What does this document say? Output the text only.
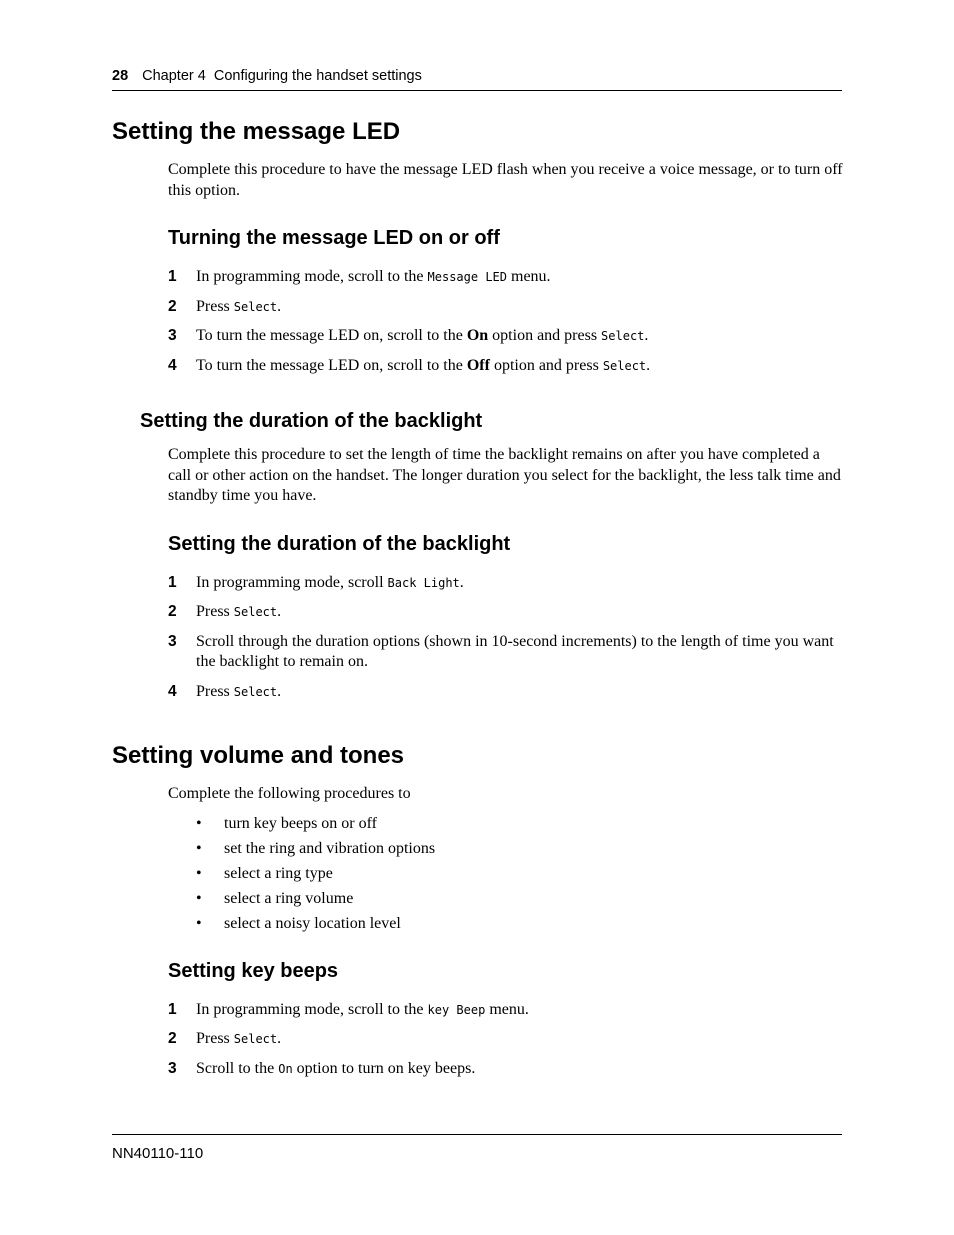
28 Chapter 4  Configuring the handset settings
Setting the message LED

Complete this procedure to have the message LED flash when you receive a voice message, or to turn off this option.

Turning the message LED on or off
1 In programming mode, scroll to the Message LED menu.
2 Press Select.
3 To turn the message LED on, scroll to the On option and press Select.
4 To turn the message LED on, scroll to the Off option and press Select.
Setting the duration of the backlight

Complete this procedure to set the length of time the backlight remains on after you have completed a call or other action on the handset. The longer duration you select for the backlight, the less talk time and standby time you have.

Setting the duration of the backlight
1 In programming mode, scroll Back Light.
2 Press Select.
3 Scroll through the duration options (shown in 10-second increments) to the length of time you want the backlight to remain on.
4 Press Select.
Setting volume and tones

Complete the following procedures to

• turn key beeps on or off
• set the ring and vibration options
• select a ring type
• select a ring volume
• select a noisy location level
Setting key beeps
1 In programming mode, scroll to the key Beep menu.
2 Press Select.
3 Scroll to the On option to turn on key beeps.
NN40110-110
